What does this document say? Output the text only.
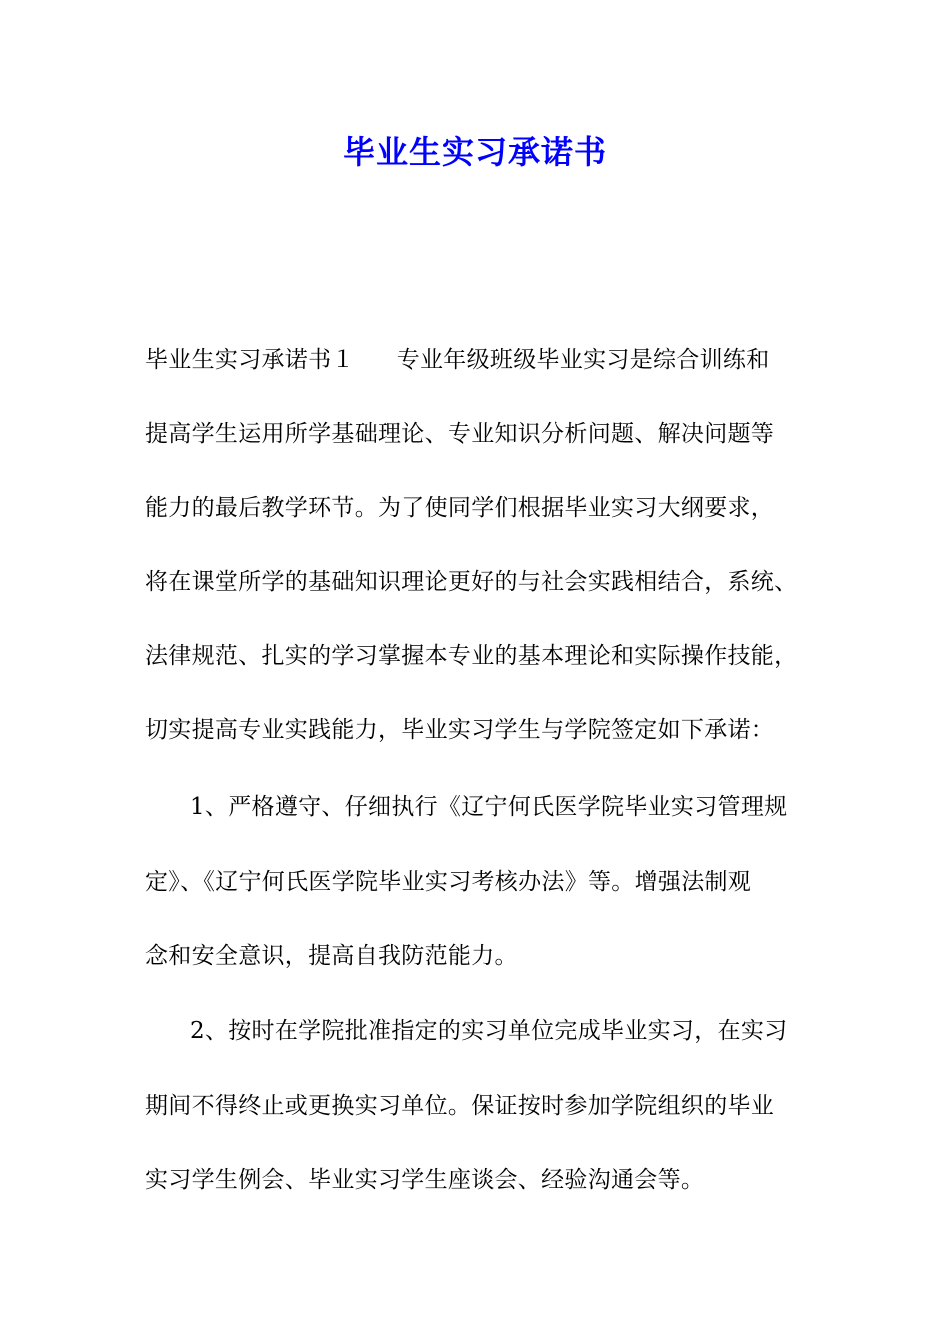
毕业生实习承诺书
毕业生实习承诺书１ 专业年级班级毕业实习是综合训练和
提高学生运用所学基础理论、专业知识分析问题、解决问题等
能力的最后教学环节。为了使同学们根据毕业实习大纲要求，
将在课堂所学的基础知识理论更好的与社会实践相结合，系统、
法律规范、扎实的学习掌握本专业的基本理论和实际操作技能，
切实提高专业实践能力，毕业实习学生与学院签定如下承诺：
1、严格遵守、仔细执行《辽宁何氏医学院毕业实习管理规
定》、《辽宁何氏医学院毕业实习考核办法》等。增强法制观
念和安全意识，提高自我防范能力。
2、按时在学院批准指定的实习单位完成毕业实习，在实习
期间不得终止或更换实习单位。保证按时参加学院组织的毕业
实习学生例会、毕业实习学生座谈会、经验沟通会等。
